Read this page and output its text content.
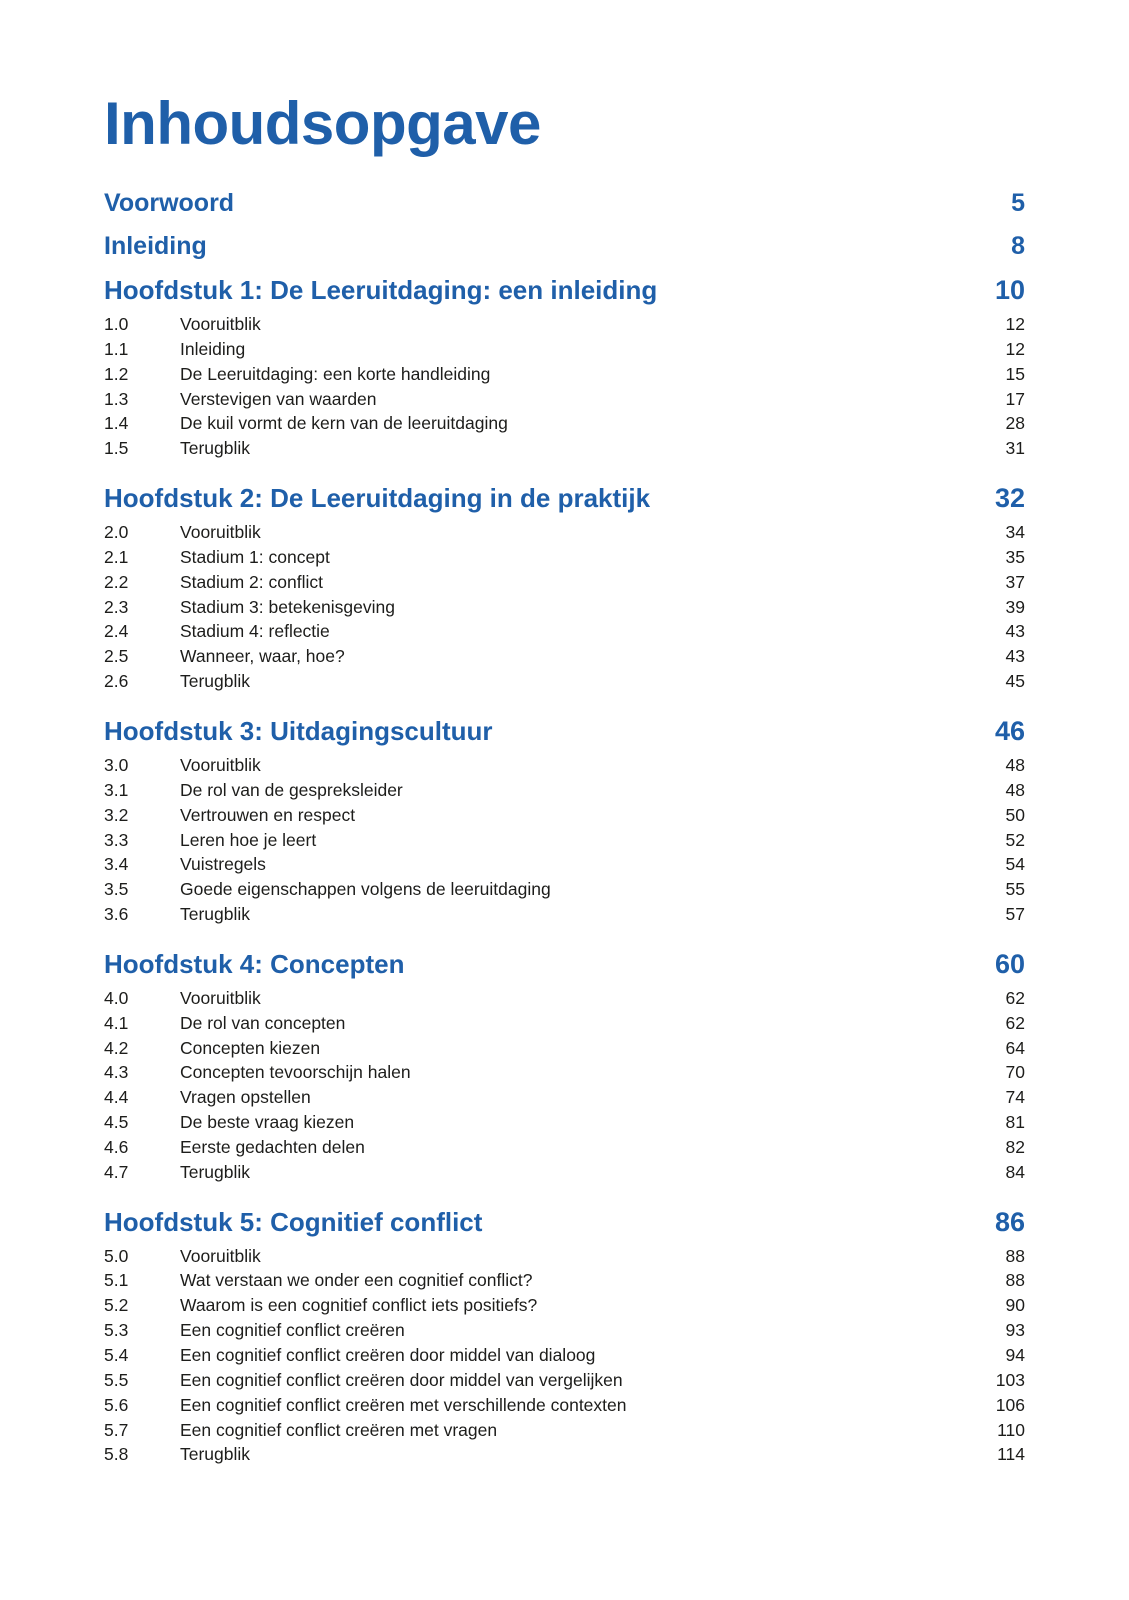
Inhoudsopgave
Voorwoord	5
Inleiding	8
Hoofdstuk 1: De Leeruitdaging: een inleiding	10
1.0	Vooruitblik	12
1.1	Inleiding	12
1.2	De Leeruitdaging: een korte handleiding	15
1.3	Verstevigen van waarden	17
1.4	De kuil vormt de kern van de leeruitdaging	28
1.5	Terugblik	31
Hoofdstuk 2: De Leeruitdaging in de praktijk	32
2.0	Vooruitblik	34
2.1	Stadium 1: concept	35
2.2	Stadium 2: conflict	37
2.3	Stadium 3: betekenisgeving	39
2.4	Stadium 4: reflectie	43
2.5	Wanneer, waar, hoe?	43
2.6	Terugblik	45
Hoofdstuk 3: Uitdagingscultuur	46
3.0	Vooruitblik	48
3.1	De rol van de gespreksleider	48
3.2	Vertrouwen en respect	50
3.3	Leren hoe je leert	52
3.4	Vuistregels	54
3.5	Goede eigenschappen volgens de leeruitdaging	55
3.6	Terugblik	57
Hoofdstuk 4: Concepten	60
4.0	Vooruitblik	62
4.1	De rol van concepten	62
4.2	Concepten kiezen	64
4.3	Concepten tevoorschijn halen	70
4.4	Vragen opstellen	74
4.5	De beste vraag kiezen	81
4.6	Eerste gedachten delen	82
4.7	Terugblik	84
Hoofdstuk 5: Cognitief conflict	86
5.0	Vooruitblik	88
5.1	Wat verstaan we onder een cognitief conflict?	88
5.2	Waarom is een cognitief conflict iets positiefs?	90
5.3	Een cognitief conflict creëren	93
5.4	Een cognitief conflict creëren door middel van dialoog	94
5.5	Een cognitief conflict creëren door middel van vergelijken	103
5.6	Een cognitief conflict creëren met verschillende contexten	106
5.7	Een cognitief conflict creëren met vragen	110
5.8	Terugblik	114
